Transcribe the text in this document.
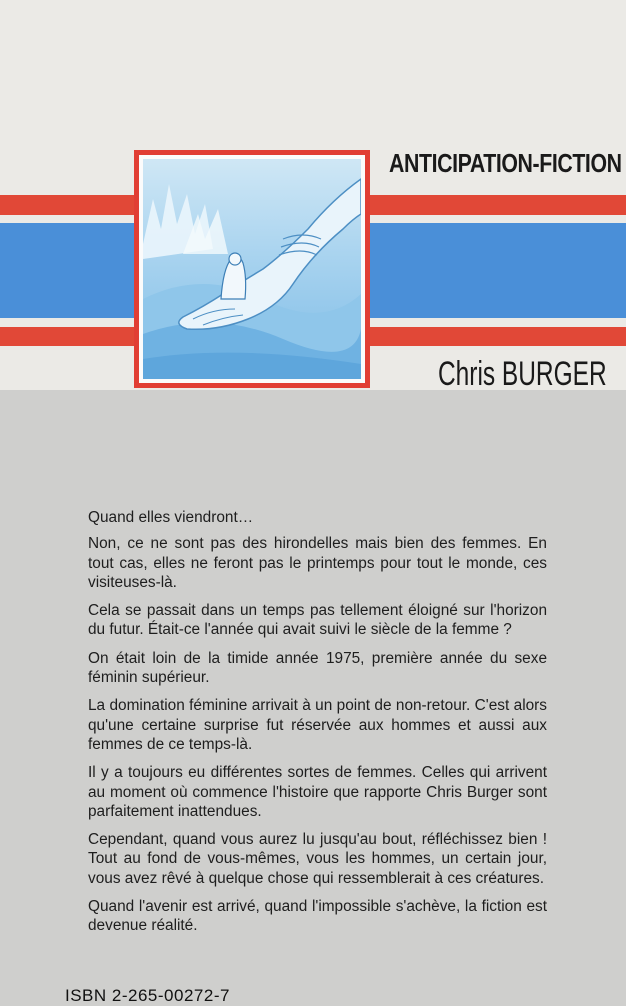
ANTICIPATION-FICTION
Chris BURGER

Quand elles viendront…

Non, ce ne sont pas des hirondelles mais bien des femmes. En tout cas, elles ne feront pas le printemps pour tout le monde, ces visiteuses-là.

Cela se passait dans un temps pas tellement éloigné sur l'horizon du futur. Était-ce l'année qui avait suivi le siècle de la femme ?

On était loin de la timide année 1975, première année du sexe féminin supérieur.

La domination féminine arrivait à un point de non-retour. C'est alors qu'une certaine surprise fut réservée aux hommes et aussi aux femmes de ce temps-là.

Il y a toujours eu différentes sortes de femmes. Celles qui arrivent au moment où commence l'histoire que rapporte Chris Burger sont parfaitement inattendues.

Cependant, quand vous aurez lu jusqu'au bout, réfléchissez bien ! Tout au fond de vous-mêmes, vous les hommes, un certain jour, vous avez rêvé à quelque chose qui ressemblerait à ces créatures.

Quand l'avenir est arrivé, quand l'impossible s'achève, la fiction est devenue réalité.

ISBN 2-265-00272-7
